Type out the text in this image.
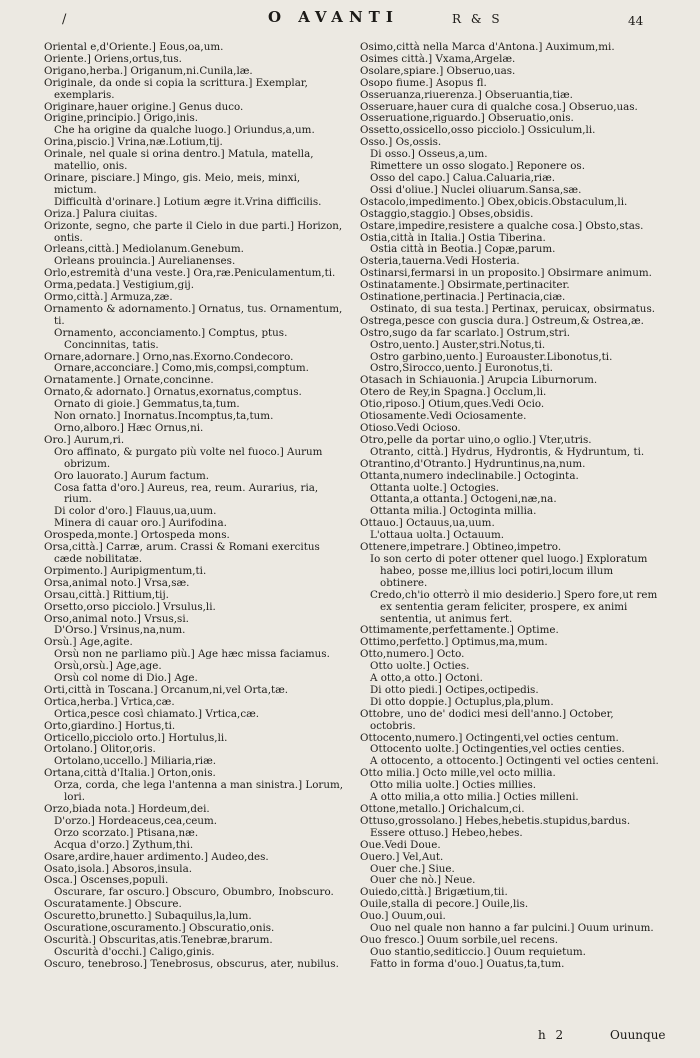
/	O AVANTI	R & S	44

Oriental e,d'Oriente.] Eous,oa,um.

Oriente.] Oriens,ortus,tus.

Origano,herba.] Origanum,ni.Cunila,læ.

Originale, da onde si copia la scrittura.] Exemplar, exemplaris.

Originare,hauer origine.] Genus duco.

Origine,principio.] Origo,inis.

Che ha origine da qualche luogo.] Oriundus,a,um.

Orina,piscio.] Vrina,næ.Lotium,tij.

Orinale, nel quale si orina dentro.] Matula, matella, matellio, onis.

Orinare, pisciare.] Mingo, gis. Meio, meis, minxi, mictum.

Difficultà d'orinare.] Lotium ægre it.Vrina difficilis.

Oriza.] Palura ciuitas.

Orizonte, segno, che parte il Cielo in due parti.] Horizon, ontis.

Orleans,città.] Mediolanum.Genebum.

Orleans prouincia.] Aurelianenses.

Orlo,estremità d'una veste.] Ora,ræ.Peniculamentum,ti.

Orma,pedata.] Vestigium,gij.

Ormo,città.] Armuza,zæ.

Ornamento & adornamento.] Ornatus, tus. Ornamentum, ti.

Ornamento, acconciamento.] Comptus, ptus. Concinnitas, tatis.

Ornare,adornare.] Orno,nas.Exorno.Condecoro.

Ornare,acconciare.] Como,mis,compsi,comptum.

Ornatamente.] Ornate,concinne.

Ornato,& adornato.] Ornatus,exornatus,comptus.

Ornato di gioie.] Gemmatus,ta,tum.

Non ornato.] Inornatus.Incomptus,ta,tum.

Orno,alboro.] Hæc Ornus,ni.

Oro.] Aurum,ri.

Oro affinato, & purgato più volte nel fuoco.] Aurum obrizum.

Oro lauorato.] Aurum factum.

Cosa fatta d'oro.] Aureus, rea, reum. Aurarius, ria, rium.

Di color d'oro.] Flauus,ua,uum.

Minera di cauar oro.] Aurifodina.

Orospeda,monte.] Ortospeda mons.

Orsa,città.] Carræ, arum. Crassi & Romani exercitus cæde nobilitatæ.

Orpimento.] Auripigmentum,ti.

Orsa,animal noto.] Vrsa,sæ.

Orsau,città.] Rittium,tij.

Orsetto,orso picciolo.] Vrsulus,li.

Orso,animal noto.] Vrsus,si.

D'Orso.] Vrsinus,na,num.

Orsù.] Age,agite.

Orsù non ne parliamo più.] Age hæc missa faciamus.

Orsù,orsù.] Age,age.

Orsù col nome di Dio.] Age.

Orti,città in Toscana.] Orcanum,ni,vel Orta,tæ.

Ortica,herba.] Vrtica,cæ.

Ortica,pesce così chiamato.] Vrtica,cæ.

Orto,giardino.] Hortus,ti.

Orticello,picciolo orto.] Hortulus,li.

Ortolano.] Olitor,oris.

Ortolano,uccello.] Miliaria,riæ.

Ortana,città d'Italia.] Orton,onis.

Orza, corda, che lega l'antenna a man sinistra.] Lorum, lori.

Orzo,biada nota.] Hordeum,dei.

D'orzo.] Hordeaceus,cea,ceum.

Orzo scorzato.] Ptisana,næ.

Acqua d'orzo.] Zythum,thi.

Osare,ardire,hauer ardimento.] Audeo,des.

Osato,isola.] Absoros,insula.

Osca.] Oscenses,populi.

Oscurare, far oscuro.] Obscuro, Obumbro, Inobscuro.

Oscuratamente.] Obscure.

Oscuretto,brunetto.] Subaquilus,la,lum.

Oscuratione,oscuramento.] Obscuratio,onis.

Oscurità.] Obscuritas,atis.Tenebræ,brarum.

Oscurità d'occhi.] Caligo,ginis.

Oscuro, tenebroso.] Tenebrosus, obscurus, ater, nubilus.

Osimo,città nella Marca d'Antona.] Auximum,mi.

Osimes città.] Vxama,Argelæ.

Osolare,spiare.] Obseruo,uas.

Osopo fiume.] Asopus fl.

Osseruanza,riuerenza.] Obseruantia,tiæ.

Osseruare,hauer cura di qualche cosa.] Obseruo,uas.

Osseruatione,riguardo.] Obseruatio,onis.

Ossetto,ossicello,osso picciolo.] Ossiculum,li.

Osso.] Os,ossis.

Di osso.] Osseus,a,um.

Rimettere un osso slogato.] Reponere os.

Osso del capo.] Calua.Caluaria,riæ.

Ossi d'oliue.] Nuclei oliuarum.Sansa,sæ.

Ostacolo,impedimento.] Obex,obicis.Obstaculum,li.

Ostaggio,staggio.] Obses,obsidis.

Ostare,impedire,resistere a qualche cosa.] Obsto,stas.

Ostia,città in Italia.] Ostia Tiberina.

Ostia città in Beotia.] Copæ,parum.

Osteria,tauerna.Vedi Hosteria.

Ostinarsi,fermarsi in un proposito.] Obsirmare animum.

Ostinatamente.] Obsirmate,pertinaciter.

Ostinatione,pertinacia.] Pertinacia,ciæ.

Ostinato, di sua testa.] Pertinax, peruicax, obsirmatus.

Ostrega,pesce con guscia dura.] Ostreum,& Ostrea,æ.

Ostro,sugo da far scarlato.] Ostrum,stri.

Ostro,uento.] Auster,stri.Notus,ti.

Ostro garbino,uento.] Euroauster.Libonotus,ti.

Ostro,Sirocco,uento.] Euronotus,ti.

Otasach in Schiauonia.] Arupcia Liburnorum.

Otero de Rey,in Spagna.] Occlum,li.

Otio,riposo.] Otium,ques.Vedi Ocio.

Otiosamente.Vedi Ociosamente.

Otioso.Vedi Ocioso.

Otro,pelle da portar uino,o oglio.] Vter,utris.

Otranto, città.] Hydrus, Hydrontis, & Hydruntum, ti.

Otrantino,d'Otranto.] Hydruntinus,na,num.

Ottanta,numero indeclinabile.] Octoginta.

Ottanta uolte.] Octogies.

Ottanta,a ottanta.] Octogeni,næ,na.

Ottanta milia.] Octoginta millia.

Ottauo.] Octauus,ua,uum.

L'ottaua uolta.] Octauum.

Ottenere,impetrare.] Obtineo,impetro.

Io son certo di poter ottener quel luogo.] Exploratum habeo, posse me,illius loci potiri,locum illum obtinere.

Credo,ch'io otterrò il mio desiderio.] Spero fore,ut rem ex sententia geram feliciter, prospere, ex animi sententia, ut animus fert.

Ottimamente,perfettamente.] Optime.

Ottimo,perfetto.] Optimus,ma,mum.

Otto,numero.] Octo.

Otto uolte.] Octies.

A otto,a otto.] Octoni.

Di otto piedi.] Octipes,octipedis.

Di otto doppie.] Octuplus,pla,plum.

Ottobre, uno de' dodici mesi dell'anno.] October, octobris.

Ottocento,numero.] Octingenti,vel octies centum.

Ottocento uolte.] Octingenties,vel octies centies.

A ottocento, a ottocento.] Octingenti vel octies centeni.

Otto milia.] Octo mille,vel octo millia.

Otto milia uolte.] Octies millies.

A otto milia,a otto milia.] Octies milleni.

Ottone,metallo.] Orichalcum,ci.

Ottuso,grossolano.] Hebes,hebetis.stupidus,bardus.

Essere ottuso.] Hebeo,hebes.

Oue.Vedi Doue.

Ouero.] Vel,Aut.

Ouer che.] Siue.

Ouer che nò.] Neue.

Ouiedo,città.] Brigætium,tii.

Ouile,stalla di pecore.] Ouile,lis.

Ouo.] Ouum,oui.

Ouo nel quale non hanno a far pulcini.] Ouum urinum.

Ouo fresco.] Ouum sorbile,uel recens.

Ouo stantio,sediticcio.] Ouum requietum.

Fatto in forma d'ouo.] Ouatus,ta,tum.

h 2	Ouunque
